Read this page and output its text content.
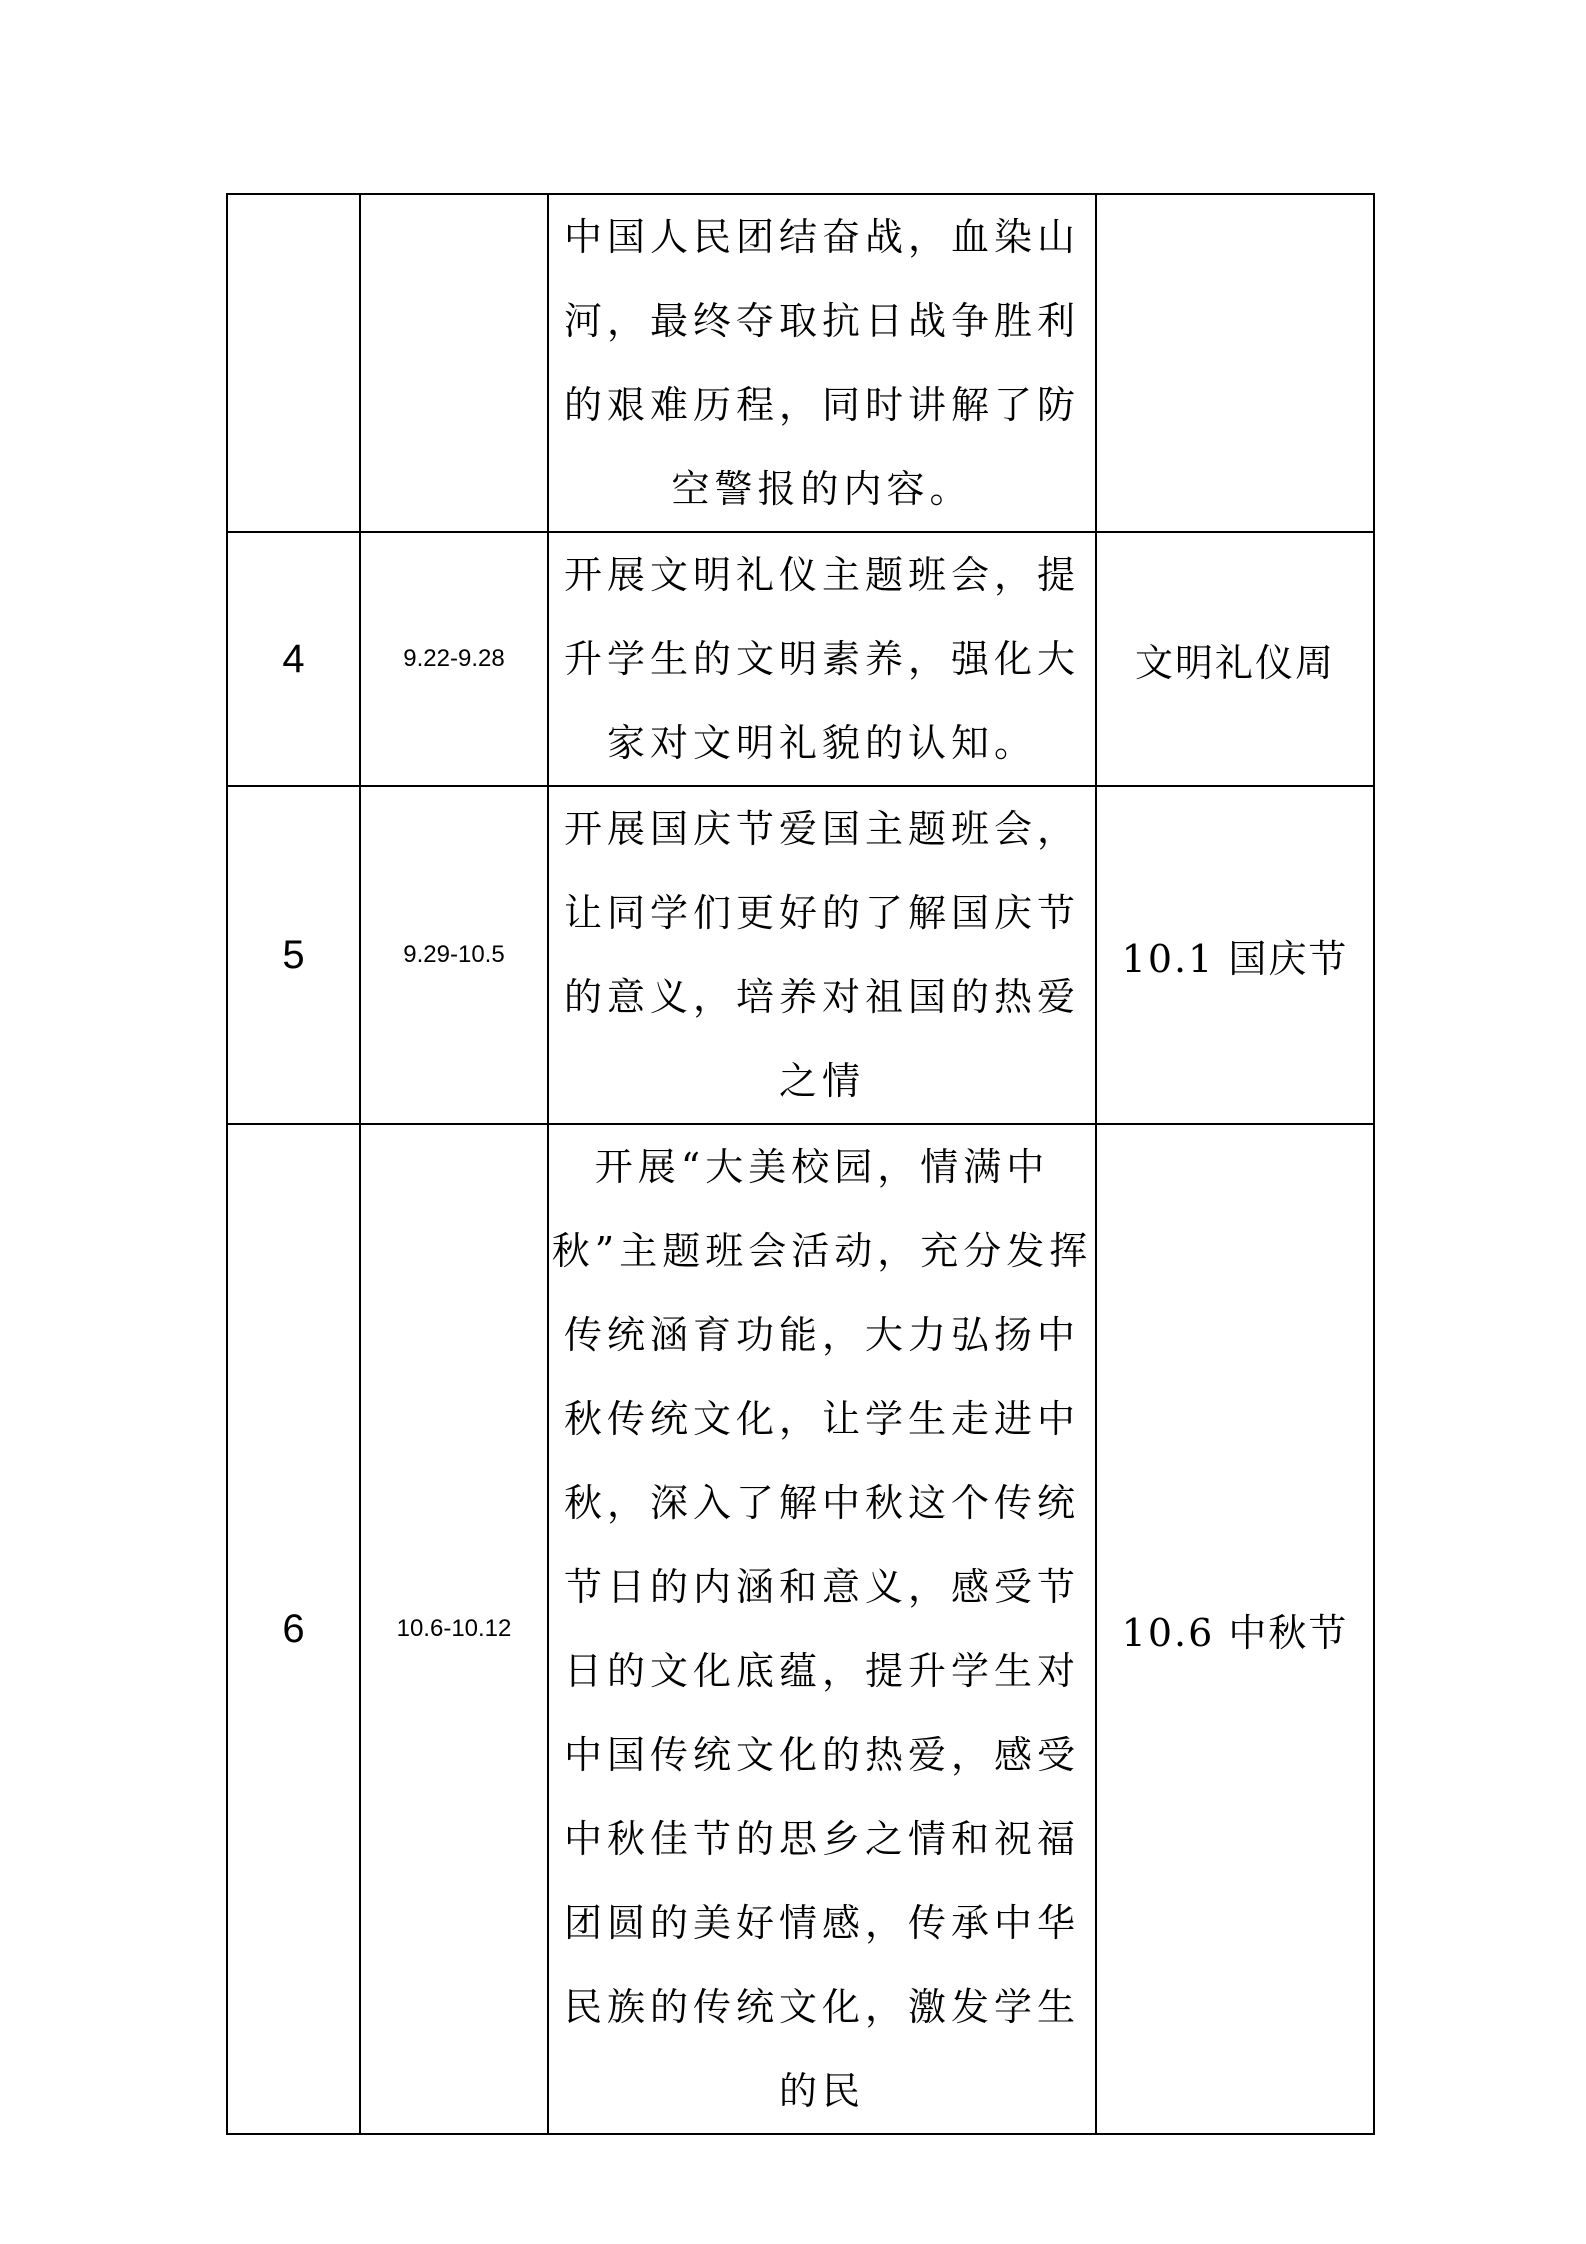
		中国人民团结奋战，血染山河，最终夺取抗日战争胜利的艰难历程，同时讲解了防空警报的内容。	
4	9.22-9.28	开展文明礼仪主题班会，提升学生的文明素养，强化大家对文明礼貌的认知。	文明礼仪周
5	9.29-10.5	开展国庆节爱国主题班会，让同学们更好的了解国庆节的意义，培养对祖国的热爱之情	10.1 国庆节
6	10.6-10.12	开展“大美校园，情满中秋”主题班会活动，充分发挥传统涵育功能，大力弘扬中秋传统文化，让学生走进中秋，深入了解中秋这个传统节日的内涵和意义，感受节日的文化底蕴，提升学生对中国传统文化的热爱，感受中秋佳节的思乡之情和祝福团圆的美好情感，传承中华民族的传统文化，激发学生的民	10.6 中秋节
